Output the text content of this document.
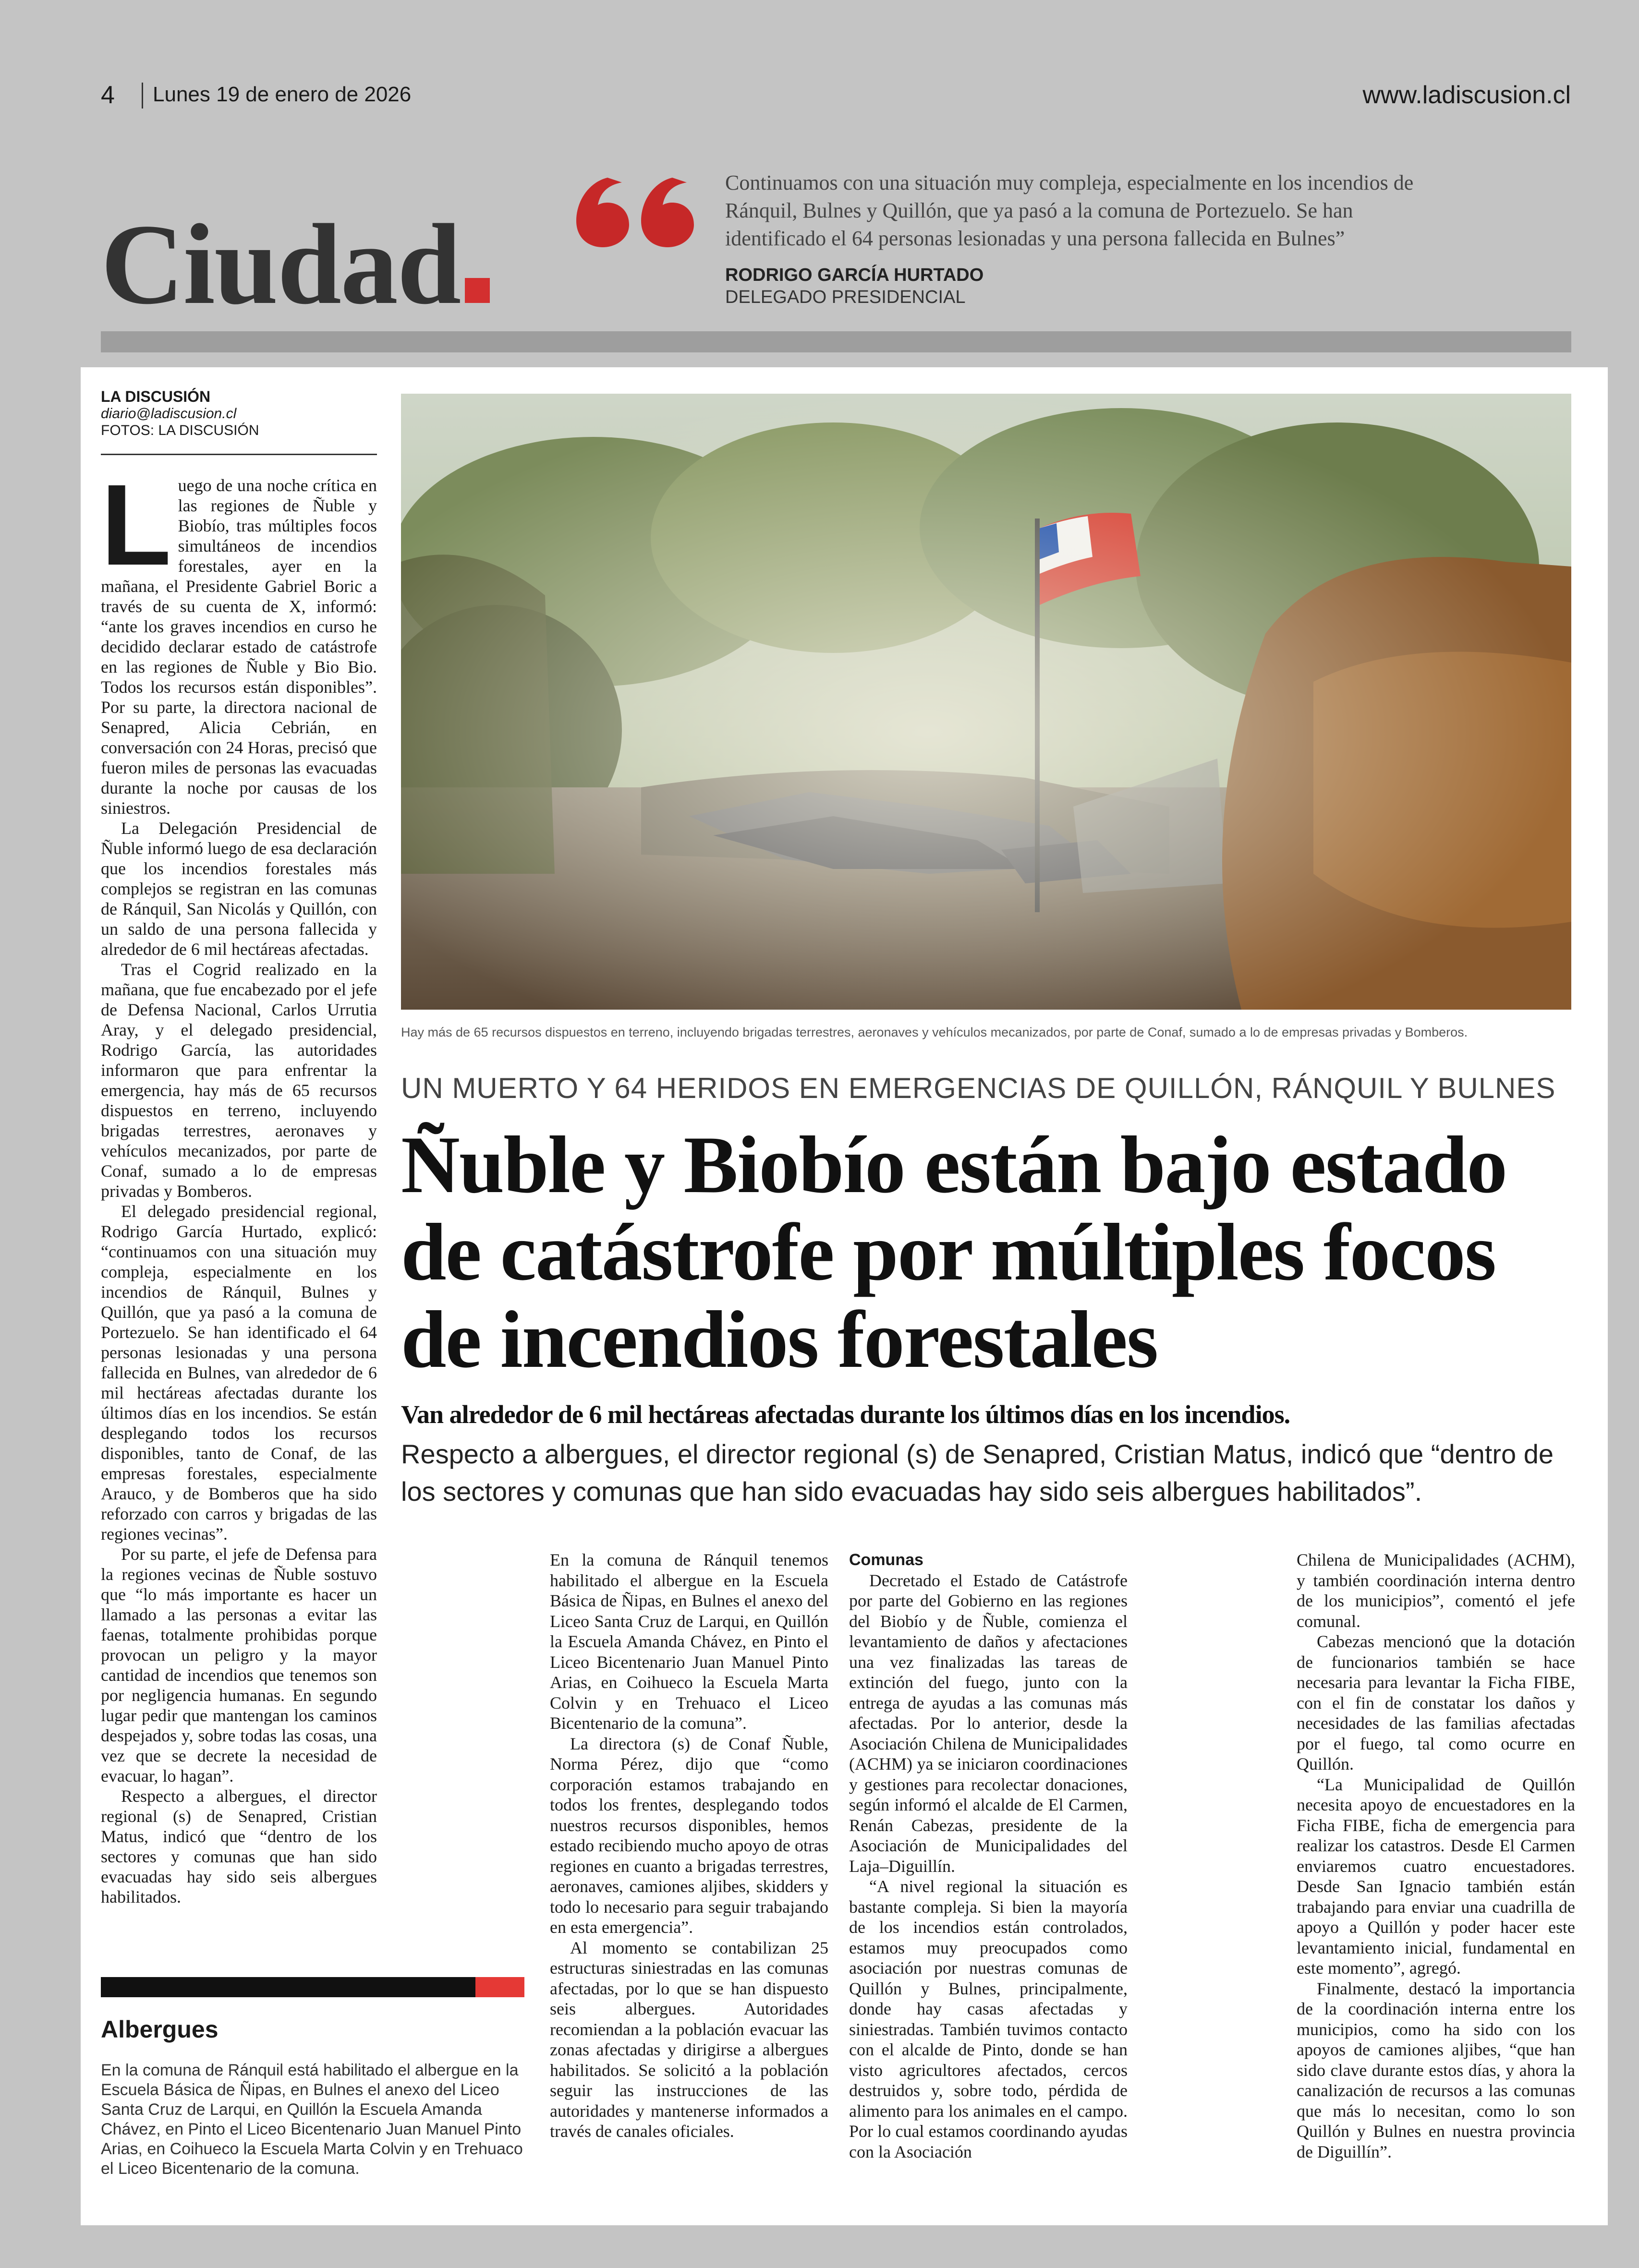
4 Lunes 19 de enero de 2026	www.ladiscusion.cl
Ciudad
Continuamos con una situación muy compleja, especialmente en los incendios de Ránquil, Bulnes y Quillón, que ya pasó a la comuna de Portezuelo. Se han identificado el 64 personas lesionadas y una persona fallecida en Bulnes”
RODRIGO GARCÍA HURTADO
DELEGADO PRESIDENCIAL
LA DISCUSIÓN
diario@ladiscusion.cl
FOTOS: LA DISCUSIÓN

Luego de una noche crítica en las regiones de Ñuble y Biobío, tras múltiples focos simultáneos de incendios forestales, ayer en la mañana, el Presidente Gabriel Boric a través de su cuenta de X, informó: “ante los graves incendios en curso he decidido declarar estado de catástrofe en las regiones de Ñuble y Bio Bio. Todos los recursos están disponibles”. Por su parte, la directora nacional de Senapred, Alicia Cebrián, en conversación con 24 Horas, precisó que fueron miles de personas las evacuadas durante la noche por causas de los siniestros.

La Delegación Presidencial de Ñuble informó luego de esa declaración que los incendios forestales más complejos se registran en las comunas de Ránquil, San Nicolás y Quillón, con un saldo de una persona fallecida y alrededor de 6 mil hectáreas afectadas.

Tras el Cogrid realizado en la mañana, que fue encabezado por el jefe de Defensa Nacional, Carlos Urrutia Aray, y el delegado presidencial, Rodrigo García, las autoridades informaron que para enfrentar la emergencia, hay más de 65 recursos dispuestos en terreno, incluyendo brigadas terrestres, aeronaves y vehículos mecanizados, por parte de Conaf, sumado a lo de empresas privadas y Bomberos.

El delegado presidencial regional, Rodrigo García Hurtado, explicó: “continuamos con una situación muy compleja, especialmente en los incendios de Ránquil, Bulnes y Quillón, que ya pasó a la comuna de Portezuelo. Se han identificado el 64 personas lesionadas y una persona fallecida en Bulnes, van alrededor de 6 mil hectáreas afectadas durante los últimos días en los incendios. Se están desplegando todos los recursos disponibles, tanto de Conaf, de las empresas forestales, especialmente Arauco, y de Bomberos que ha sido reforzado con carros y brigadas de las regiones vecinas”.

Por su parte, el jefe de Defensa para la regiones vecinas de Ñuble sostuvo que “lo más importante es hacer un llamado a las personas a evitar las faenas, totalmente prohibidas porque provocan un peligro y la mayor cantidad de incendios que tenemos son por negligencia humanas. En segundo lugar pedir que mantengan los caminos despejados y, sobre todas las cosas, una vez que se decrete la necesidad de evacuar, lo hagan”.

Respecto a albergues, el director regional (s) de Senapred, Cristian Matus, indicó que “dentro de los sectores y comunas que han sido evacuadas hay sido seis albergues habilitados.

Hay más de 65 recursos dispuestos en terreno, incluyendo brigadas terrestres, aeronaves y vehículos mecanizados, por parte de Conaf, sumado a lo de empresas privadas y Bomberos.
UN MUERTO Y 64 HERIDOS EN EMERGENCIAS DE QUILLÓN, RÁNQUIL Y BULNES
Ñuble y Biobío están bajo estado de catástrofe por múltiples focos de incendios forestales
Van alrededor de 6 mil hectáreas afectadas durante los últimos días en los incendios.
Respecto a albergues, el director regional (s) de Senapred, Cristian Matus, indicó que “dentro de los sectores y comunas que han sido evacuadas hay sido seis albergues habilitados”.

En la comuna de Ránquil tenemos habilitado el albergue en la Escuela Básica de Ñipas, en Bulnes el anexo del Liceo Santa Cruz de Larqui, en Quillón la Escuela Amanda Chávez, en Pinto el Liceo Bicentenario Juan Manuel Pinto Arias, en Coihueco la Escuela Marta Colvin y en Trehuaco el Liceo Bicentenario de la comuna”.

La directora (s) de Conaf Ñuble, Norma Pérez, dijo que “como corporación estamos trabajando en todos los frentes, desplegando todos nuestros recursos disponibles, hemos estado recibiendo mucho apoyo de otras regiones en cuanto a brigadas terrestres, aeronaves, camiones aljibes, skidders y todo lo necesario para seguir trabajando en esta emergencia”.

Al momento se contabilizan 25 estructuras siniestradas en las comunas afectadas, por lo que se han dispuesto seis albergues. Autoridades recomiendan a la población evacuar las zonas afectadas y dirigirse a albergues habilitados. Se solicitó a la población seguir las instrucciones de las autoridades y mantenerse informados a través de canales oficiales.

Comunas

Decretado el Estado de Catástrofe por parte del Gobierno en las regiones del Biobío y de Ñuble, comienza el levantamiento de daños y afectaciones una vez finalizadas las tareas de extinción del fuego, junto con la entrega de ayudas a las comunas más afectadas. Por lo anterior, desde la Asociación Chilena de Municipalidades (ACHM) ya se iniciaron coordinaciones y gestiones para recolectar donaciones, según informó el alcalde de El Carmen, Renán Cabezas, presidente de la Asociación de Municipalidades del Laja–Diguillín.

“A nivel regional la situación es bastante compleja. Si bien la mayoría de los incendios están controlados, estamos muy preocupados como asociación por nuestras comunas de Quillón y Bulnes, principalmente, donde hay casas afectadas y siniestradas. También tuvimos contacto con el alcalde de Pinto, donde se han visto agricultores afectados, cercos destruidos y, sobre todo, pérdida de alimento para los animales en el campo. Por lo cual estamos coordinando ayudas con la Asociación

Chilena de Municipalidades (ACHM), y también coordinación interna dentro de los municipios”, comentó el jefe comunal.

Cabezas mencionó que la dotación de funcionarios también se hace necesaria para levantar la Ficha FIBE, con el fin de constatar los daños y necesidades de las familias afectadas por el fuego, tal como ocurre en Quillón.

“La Municipalidad de Quillón necesita apoyo de encuestadores en la Ficha FIBE, ficha de emergencia para realizar los catastros. Desde El Carmen enviaremos cuatro encuestadores. Desde San Ignacio también están trabajando para enviar una cuadrilla de apoyo a Quillón y poder hacer este levantamiento inicial, fundamental en este momento”, agregó.

Finalmente, destacó la importancia de la coordinación interna entre los municipios, como ha sido con los apoyos de camiones aljibes, “que han sido clave durante estos días, y ahora la canalización de recursos a las comunas que más lo necesitan, como lo son Quillón y Bulnes en nuestra provincia de Diguillín”.

Albergues
En la comuna de Ránquil está habilitado el albergue en la Escuela Básica de Ñipas, en Bulnes el anexo del Liceo Santa Cruz de Larqui, en Quillón la Escuela Amanda Chávez, en Pinto el Liceo Bicentenario Juan Manuel Pinto Arias, en Coihueco la Escuela Marta Colvin y en Trehuaco el Liceo Bicentenario de la comuna.
